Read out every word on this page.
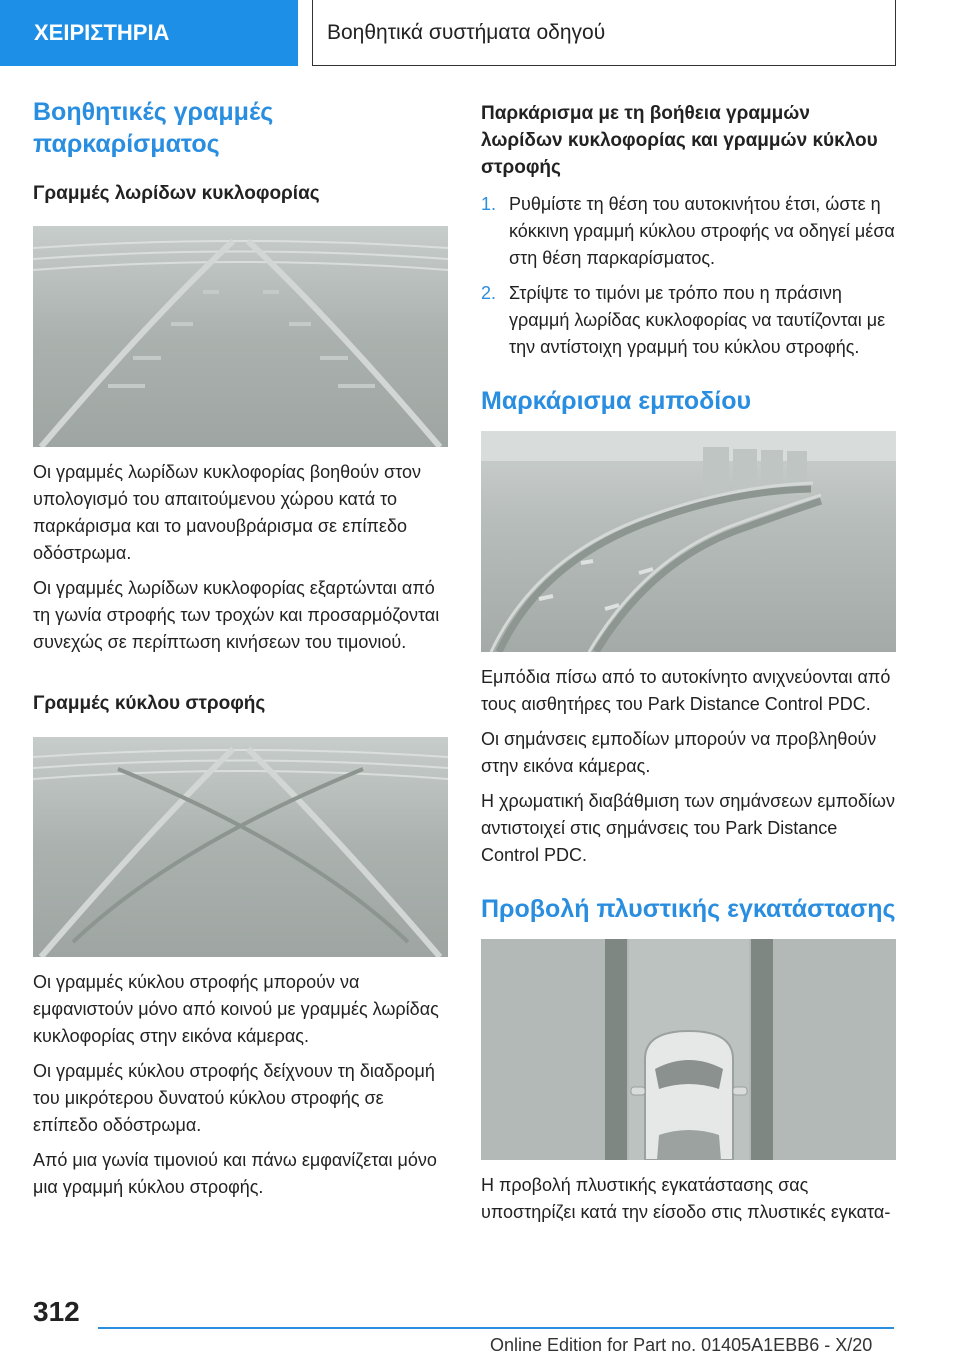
ΧΕΙΡΙΣΤΗΡΙΑ	Βοηθητικά συστήματα οδηγού
Βοηθητικές γραμμές παρκαρίσματος
Γραμμές λωρίδων κυκλοφορίας

Οι γραμμές λωρίδων κυκλοφορίας βοηθούν στον υπολογισμό του απαιτούμενου χώρου κατά το παρκάρισμα και το μανουβράρισμα σε επίπεδο οδόστρωμα.

Οι γραμμές λωρίδων κυκλοφορίας εξαρτώνται από τη γωνία στροφής των τροχών και προσαρμόζονται συνεχώς σε περίπτωση κινήσεων του τιμονιού.

Γραμμές κύκλου στροφής

Οι γραμμές κύκλου στροφής μπορούν να εμφανιστούν μόνο από κοινού με γραμμές λωρίδας κυκλοφορίας στην εικόνα κάμερας.

Οι γραμμές κύκλου στροφής δείχνουν τη διαδρομή του μικρότερου δυνατού κύκλου στροφής σε επίπεδο οδόστρωμα.

Από μια γωνία τιμονιού και πάνω εμφανίζεται μόνο μια γραμμή κύκλου στροφής.

Παρκάρισμα με τη βοήθεια γραμμών λωρίδων κυκλοφορίας και γραμμών κύκλου στροφής
1. Ρυθμίστε τη θέση του αυτοκινήτου έτσι, ώστε η κόκκινη γραμμή κύκλου στροφής να οδηγεί μέσα στη θέση παρκαρίσματος.
2. Στρίψτε το τιμόνι με τρόπο που η πράσινη γραμμή λωρίδας κυκλοφορίας να ταυτίζονται με την αντίστοιχη γραμμή του κύκλου στροφής.
Μαρκάρισμα εμποδίου

Εμπόδια πίσω από το αυτοκίνητο ανιχνεύονται από τους αισθητήρες του Park Distance Control PDC.

Οι σημάνσεις εμποδίων μπορούν να προβληθούν στην εικόνα κάμερας.

Η χρωματική διαβάθμιση των σημάνσεων εμποδίων αντιστοιχεί στις σημάνσεις του Park Distance Control PDC.

Προβολή πλυστικής εγκατάστασης

Η προβολή πλυστικής εγκατάστασης σας υποστηρίζει κατά την είσοδο στις πλυστικές εγκατα-

312
Online Edition for Part no. 01405A1EBB6 - X/20
